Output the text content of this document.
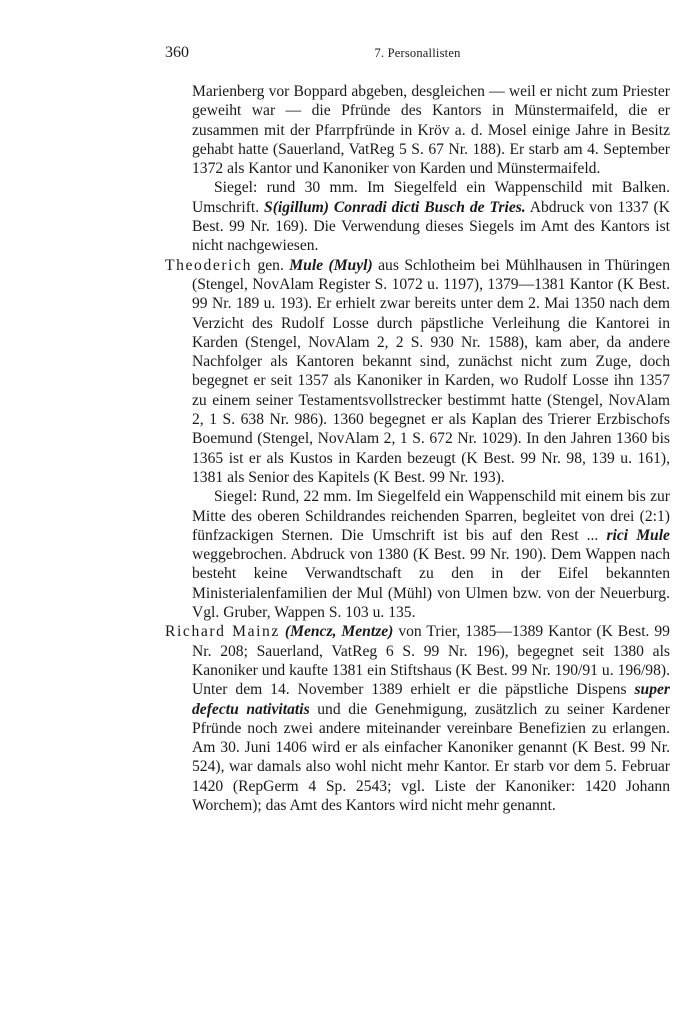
360	7. Personallisten

Marienberg vor Boppard abgeben, desgleichen — weil er nicht zum Priester geweiht war — die Pfründe des Kantors in Münstermaifeld, die er zusammen mit der Pfarrpfründe in Kröv a. d. Mosel einige Jahre in Besitz gehabt hatte (Sauerland, VatReg 5 S. 67 Nr. 188). Er starb am 4. September 1372 als Kantor und Kanoniker von Karden und Münstermaifeld.

Siegel: rund 30 mm. Im Siegelfeld ein Wappenschild mit Balken. Umschrift. S(igillum) Conradi dicti Busch de Tries. Abdruck von 1337 (K Best. 99 Nr. 169). Die Verwendung dieses Siegels im Amt des Kantors ist nicht nachgewiesen.

Theoderich gen. Mule (Muyl) aus Schlotheim bei Mühlhausen in Thüringen (Stengel, NovAlam Register S. 1072 u. 1197), 1379—1381 Kantor (K Best. 99 Nr. 189 u. 193). Er erhielt zwar bereits unter dem 2. Mai 1350 nach dem Verzicht des Rudolf Losse durch päpstliche Verleihung die Kantorei in Karden (Stengel, NovAlam 2, 2 S. 930 Nr. 1588), kam aber, da andere Nachfolger als Kantoren bekannt sind, zunächst nicht zum Zuge, doch begegnet er seit 1357 als Kanoniker in Karden, wo Rudolf Losse ihn 1357 zu einem seiner Testamentsvollstrecker bestimmt hatte (Stengel, NovAlam 2, 1 S. 638 Nr. 986). 1360 begegnet er als Kaplan des Trierer Erzbischofs Boemund (Stengel, NovAlam 2, 1 S. 672 Nr. 1029). In den Jahren 1360 bis 1365 ist er als Kustos in Karden bezeugt (K Best. 99 Nr. 98, 139 u. 161), 1381 als Senior des Kapitels (K Best. 99 Nr. 193).

Siegel: Rund, 22 mm. Im Siegelfeld ein Wappenschild mit einem bis zur Mitte des oberen Schildrandes reichenden Sparren, begleitet von drei (2:1) fünfzackigen Sternen. Die Umschrift ist bis auf den Rest ... rici Mule weggebrochen. Abdruck von 1380 (K Best. 99 Nr. 190). Dem Wappen nach besteht keine Verwandtschaft zu den in der Eifel bekannten Ministerialenfamilien der Mul (Mühl) von Ulmen bzw. von der Neuerburg. Vgl. Gruber, Wappen S. 103 u. 135.

Richard Mainz (Mencz, Mentze) von Trier, 1385—1389 Kantor (K Best. 99 Nr. 208; Sauerland, VatReg 6 S. 99 Nr. 196), begegnet seit 1380 als Kanoniker und kaufte 1381 ein Stiftshaus (K Best. 99 Nr. 190/91 u. 196/98). Unter dem 14. November 1389 erhielt er die päpstliche Dispens super defectu nativitatis und die Genehmigung, zusätzlich zu seiner Kardener Pfründe noch zwei andere miteinander vereinbare Benefizien zu erlangen. Am 30. Juni 1406 wird er als einfacher Kanoniker genannt (K Best. 99 Nr. 524), war damals also wohl nicht mehr Kantor. Er starb vor dem 5. Februar 1420 (RepGerm 4 Sp. 2543; vgl. Liste der Kanoniker: 1420 Johann Worchem); das Amt des Kantors wird nicht mehr genannt.
